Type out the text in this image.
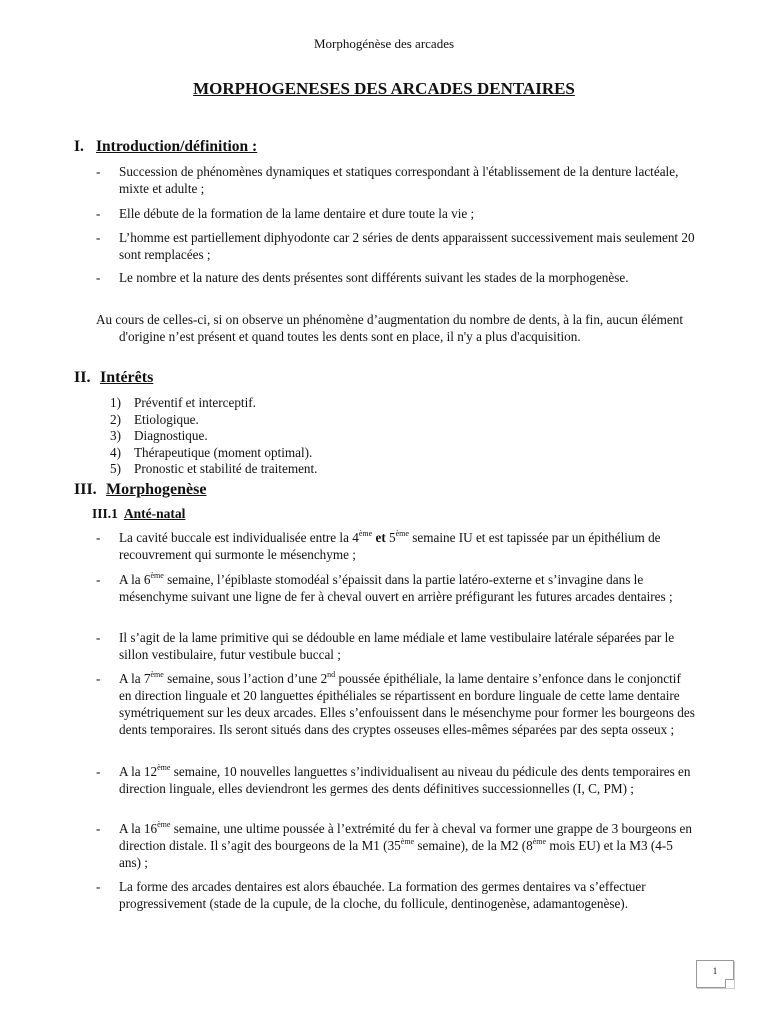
Morphogénèse des arcades
MORPHOGENESES DES ARCADES DENTAIRES
I. Introduction/définition :
- Succession de phénomènes dynamiques et statiques correspondant à l'établissement de la denture lactéale, mixte et adulte ;
- Elle débute de la formation de la lame dentaire et dure toute la vie ;
- L’homme est partiellement diphyodonte car 2 séries de dents apparaissent successivement mais seulement 20 sont remplacées ;
- Le nombre et la nature des dents présentes sont différents suivant les stades de la morphogenèse.
Au cours de celles-ci, si on observe un phénomène d’augmentation du nombre de dents, à la fin, aucun élément d'origine n’est présent et quand toutes les dents sont en place, il n'y a plus d'acquisition.
II. Intérêts
1) Préventif et interceptif.
2) Etiologique.
3) Diagnostique.
4) Thérapeutique (moment optimal).
5) Pronostic et stabilité de traitement.
III. Morphogenèse
III.1 Anté-natal
- La cavité buccale est individualisée entre la 4ème et 5ème semaine IU et est tapissée par un épithélium de recouvrement qui surmonte le mésenchyme ;
- A la 6ème semaine, l’épiblaste stomodéal s’épaissit dans la partie latéro-externe et s’invagine dans le mésenchyme suivant une ligne de fer à cheval ouvert en arrière préfigurant les futures arcades dentaires ;
- Il s’agit de la lame primitive qui se dédouble en lame médiale et lame vestibulaire latérale séparées par le sillon vestibulaire, futur vestibule buccal ;
- A la 7ème semaine, sous l’action d’une 2nd poussée épithéliale, la lame dentaire s’enfonce dans le conjonctif en direction linguale et 20 languettes épithéliales se répartissent en bordure linguale de cette lame dentaire symétriquement sur les deux arcades. Elles s’enfouissent dans le mésenchyme pour former les bourgeons des dents temporaires. Ils seront situés dans des cryptes osseuses elles-mêmes séparées par des septa osseux ;
- A la 12ème semaine, 10 nouvelles languettes s’individualisent au niveau du pédicule des dents temporaires en direction linguale, elles deviendront les germes des dents définitives successionnelles (I, C, PM) ;
- A la 16ème semaine, une ultime poussée à l’extrémité du fer à cheval va former une grappe de 3 bourgeons en direction distale. Il s’agit des bourgeons de la M1 (35ème semaine), de la M2 (8ème mois EU) et la M3 (4-5 ans) ;
- La forme des arcades dentaires est alors ébauchée. La formation des germes dentaires va s’effectuer progressivement (stade de la cupule, de la cloche, du follicule, dentinogenèse, adamantogenèse).
1
